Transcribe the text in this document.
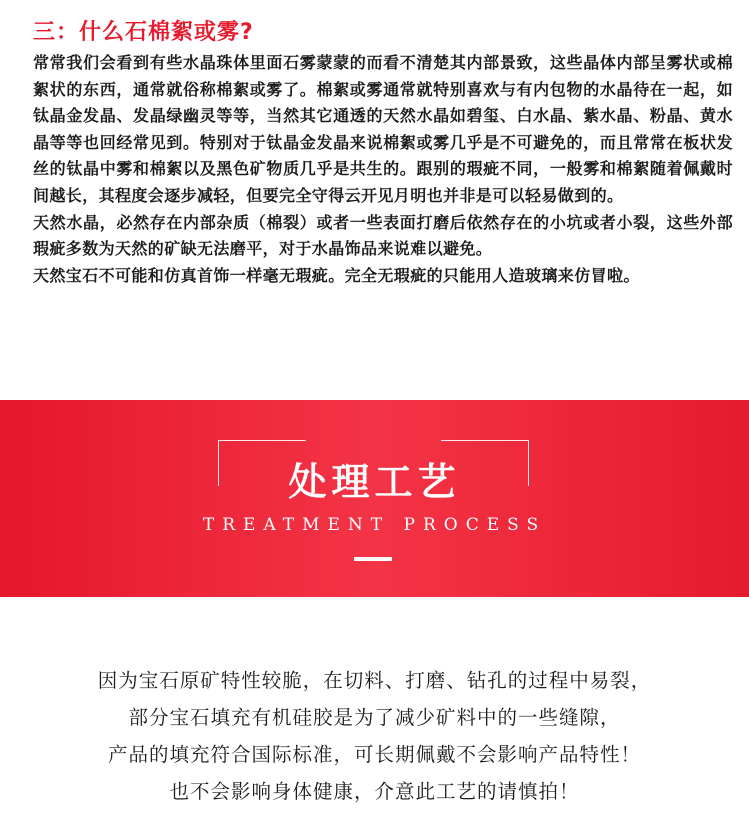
三：什么石棉絮或雾?

常常我们会看到有些水晶珠体里面石雾蒙蒙的而看不清楚其内部景致，这些晶体内部呈雾状或棉絮状的东西，通常就俗称棉絮或雾了。棉絮或雾通常就特别喜欢与有内包物的水晶待在一起，如钛晶金发晶、发晶绿幽灵等等，当然其它通透的天然水晶如碧玺、白水晶、紫水晶、粉晶、黄水晶等等也回经常见到。特别对于钛晶金发晶来说棉絮或雾几乎是不可避免的，而且常常在板状发丝的钛晶中雾和棉絮以及黑色矿物质几乎是共生的。跟别的瑕疵不同，一般雾和棉絮随着佩戴时间越长，其程度会逐步减轻，但要完全守得云开见月明也并非是可以轻易做到的。

天然水晶，必然存在内部杂质（棉裂）或者一些表面打磨后依然存在的小坑或者小裂，这些外部瑕疵多数为天然的矿缺无法磨平，对于水晶饰品来说难以避免。

天然宝石不可能和仿真首饰一样毫无瑕疵。完全无瑕疵的只能用人造玻璃来仿冒啦。

处理工艺
TREATMENT PROCESS
因为宝石原矿特性较脆，在切料、打磨、钻孔的过程中易裂，
部分宝石填充有机硅胶是为了减少矿料中的一些缝隙，
产品的填充符合国际标准，可长期佩戴不会影响产品特性！
也不会影响身体健康，介意此工艺的请慎拍！
